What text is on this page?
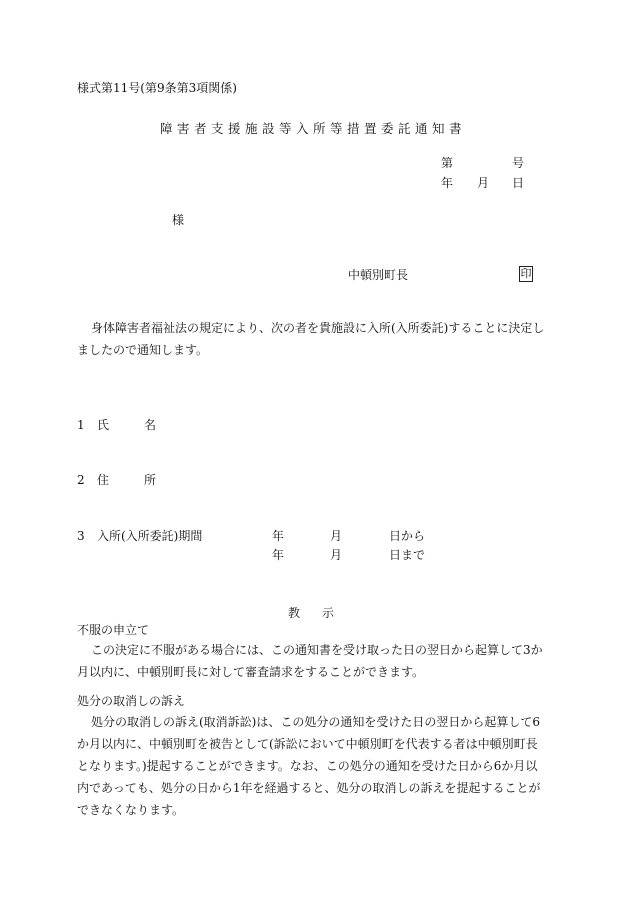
様式第11号(第9条第3項関係)
障害者支援施設等入所等措置委託通知書
第	号
年 月 日
様
中頓別町長	印
身体障害者福祉法の規定により、次の者を貴施設に入所(入所委託)することに決定しましたので通知します。
1 氏	名
2 住	所
3 入所(入所委託)期間	年	月	日から
年	月	日まで
教 示
不服の申立て
この決定に不服がある場合には、この通知書を受け取った日の翌日から起算して3か月以内に、中頓別町長に対して審査請求をすることができます。
処分の取消しの訴え
処分の取消しの訴え(取消訴訟)は、この処分の通知を受けた日の翌日から起算して6か月以内に、中頓別町を被告として(訴訟において中頓別町を代表する者は中頓別町長となります。)提起することができます。なお、この処分の通知を受けた日から6か月以内であっても、処分の日から1年を経過すると、処分の取消しの訴えを提起することができなくなります。
